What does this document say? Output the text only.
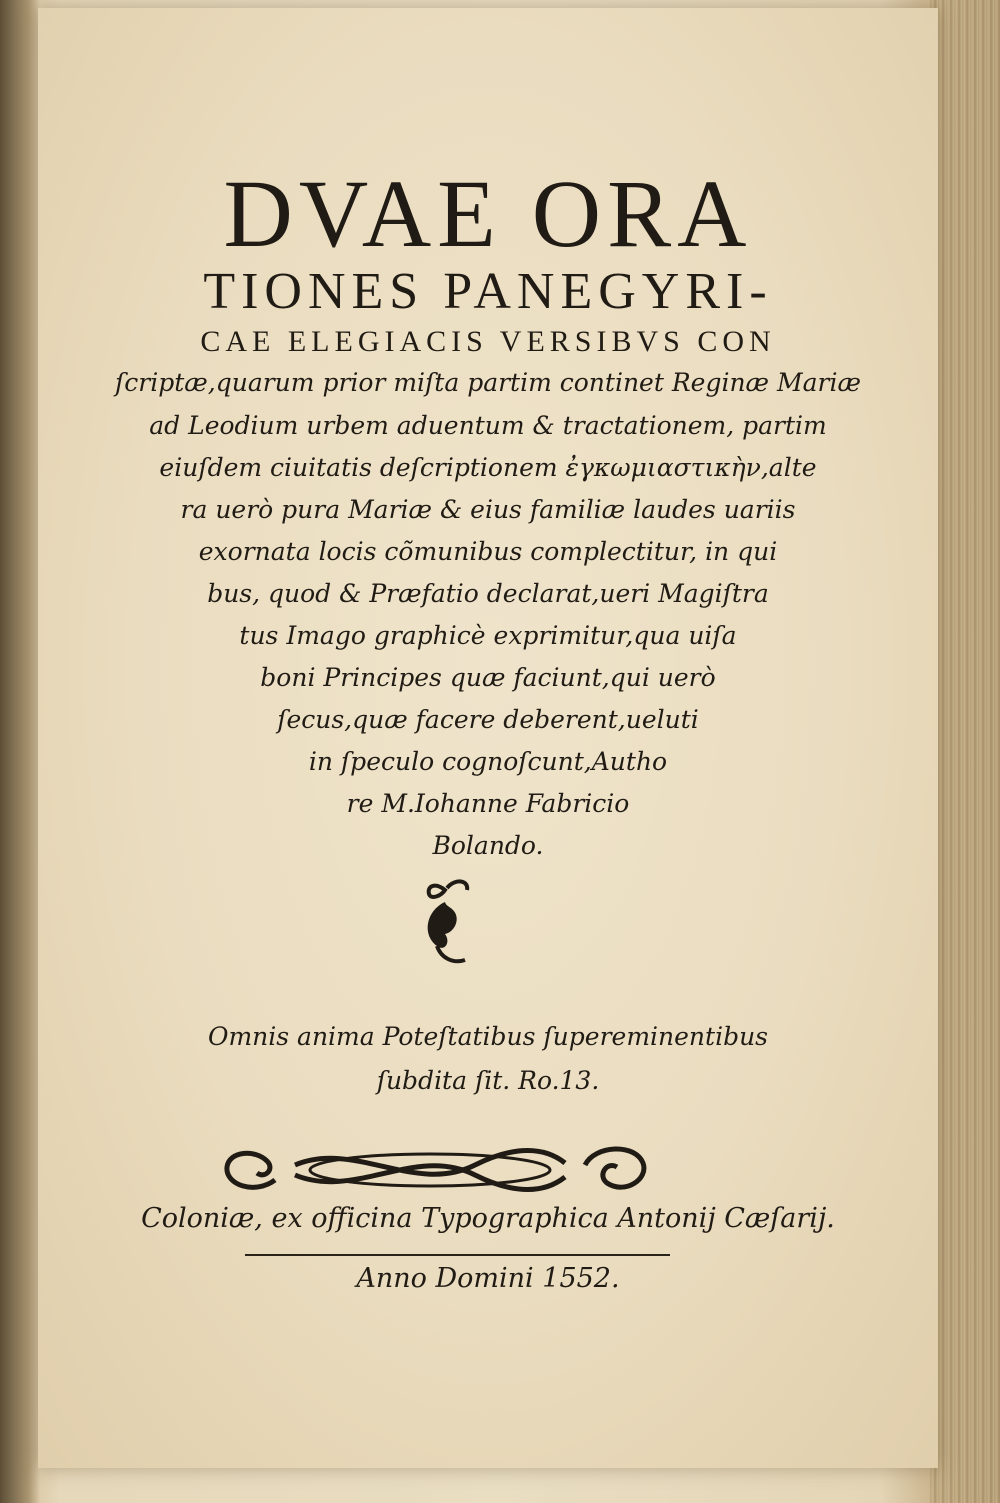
DVAE ORA
TIONES PANEGYRI-
CAE ELEGIACIS VERSIBVS CON
ſcriptæ,quarum prior miſta partim continet Reginæ Mariæ
ad Leodium urbem aduentum & tractationem, partim
eiuſdem ciuitatis deſcriptionem ἐγκωμιαστικὴν,alte
ra uerò pura Mariæ & eius familiæ laudes uariis
exornata locis cõmunibus complectitur, in qui
bus, quod & Præfatio declarat,ueri Magiſtra
tus Imago graphicè exprimitur,qua uiſa
boni Principes quæ faciunt,qui uerò
ſecus,quæ facere deberent,ueluti
in ſpeculo cognoſcunt,Autho
re M.Iohanne Fabricio
Bolando.
Omnis anima Poteſtatibus ſupereminentibus
ſubdita ſit. Ro.13.
Coloniæ, ex officina Typographica Antonij Cæſarij.
Anno Domini 1552.
